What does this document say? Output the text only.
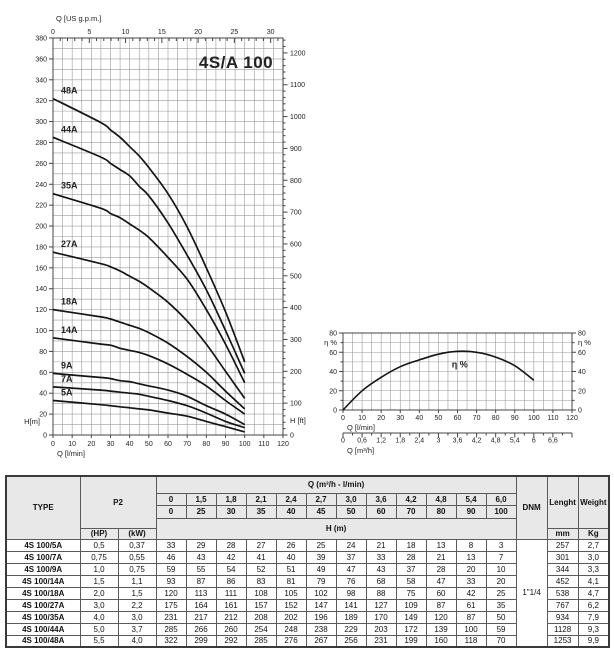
0	5	10	15	20	25	30
Q [US g.p.m.]
0
20
40
60
80
100
120
140
160
180
200
220
240
260
280
300
320
340
360
380
H[m]
0
100
200
300
400
500
600
700
800
900
1000
1100
1200
H [ft]
0 10 20 30 40 50 60 70 80 90 100 110 120
Q [l/min]
48A
44A
35A
27A
18A
14A
9A
7A
5A
4S/A 100
0	0
20	20
40	40
60	60
80	80
η %	η %
0 10 20 30 40 50 60 70 80 90 100 110 120
Q [l/min]
0 0,6 1,2 1,8 2,4 3 3,6 4,2 4,8 5,4 6 6,6
Q [m³/h]
η %
TYPE	P2		Q (m³/h - l/min)												DNM	Lenght	Weight
			0	1,5	1,8	2,1	2,4	2,7	3,0	3,6	4,2	4,8	5,4	6,0			
			0	25	30	35	40	45	50	60	70	80	90	100			
			H (m)														
	(HP)	(kW)														mm	Kg
4S 100/5A	0,5	0,37	33	29	28	27	26	25	24	21	18	13	8	3	1"1/4	257	2,7
4S 100/7A	0,75	0,55	46	43	42	41	40	39	37	33	28	21	13	7		301	3,0
4S 100/9A	1,0	0,75	59	55	54	52	51	49	47	43	37	28	20	10		344	3,3
4S 100/14A	1,5	1,1	93	87	86	83	81	79	76	68	58	47	33	20		452	4,1
4S 100/18A	2,0	1,5	120	113	111	108	105	102	98	88	75	60	42	25		538	4,7
4S 100/27A	3,0	2,2	175	164	161	157	152	147	141	127	109	87	61	35		767	6,2
4S 100/35A	4,0	3,0	231	217	212	208	202	196	189	170	149	120	87	50		934	7,9
4S 100/44A	5,0	3,7	285	266	260	254	248	238	229	203	172	139	100	59		1128	9,3
4S 100/48A	5,5	4,0	322	299	292	285	276	267	256	231	199	160	118	70		1253	9,9
